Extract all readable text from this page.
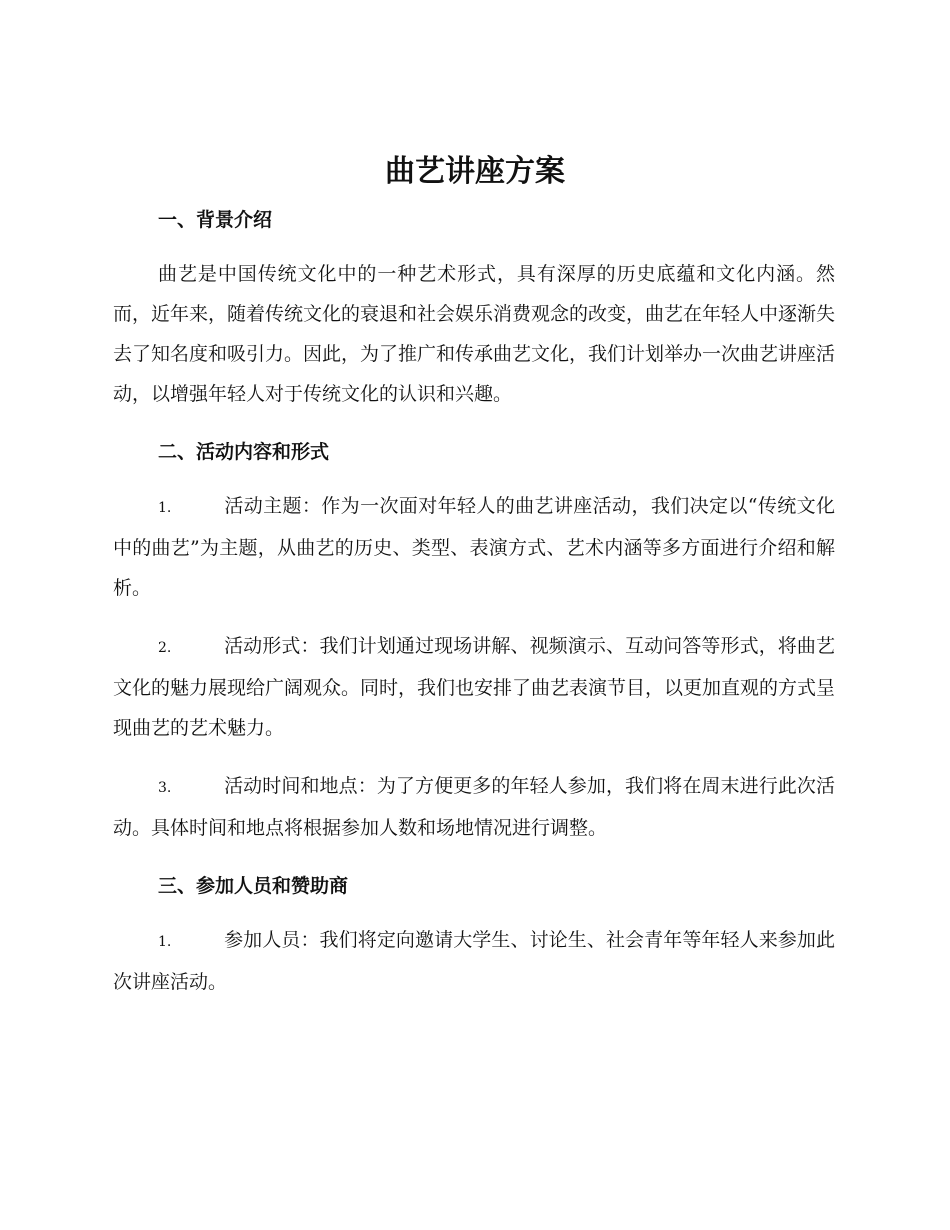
曲艺讲座方案
一、背景介绍

曲艺是中国传统文化中的一种艺术形式，具有深厚的历史底蕴和文化内涵。然而，近年来，随着传统文化的衰退和社会娱乐消费观念的改变，曲艺在年轻人中逐渐失去了知名度和吸引力。因此，为了推广和传承曲艺文化，我们计划举办一次曲艺讲座活动，以增强年轻人对于传统文化的认识和兴趣。

二、活动内容和形式

1.	活动主题：作为一次面对年轻人的曲艺讲座活动，我们决定以“传统文化中的曲艺”为主题，从曲艺的历史、类型、表演方式、艺术内涵等多方面进行介绍和解析。

2.	活动形式：我们计划通过现场讲解、视频演示、互动问答等形式，将曲艺文化的魅力展现给广阔观众。同时，我们也安排了曲艺表演节目，以更加直观的方式呈现曲艺的艺术魅力。

3.	活动时间和地点：为了方便更多的年轻人参加，我们将在周末进行此次活动。具体时间和地点将根据参加人数和场地情况进行调整。

三、参加人员和赞助商

1.	参加人员：我们将定向邀请大学生、讨论生、社会青年等年轻人来参加此次讲座活动。
